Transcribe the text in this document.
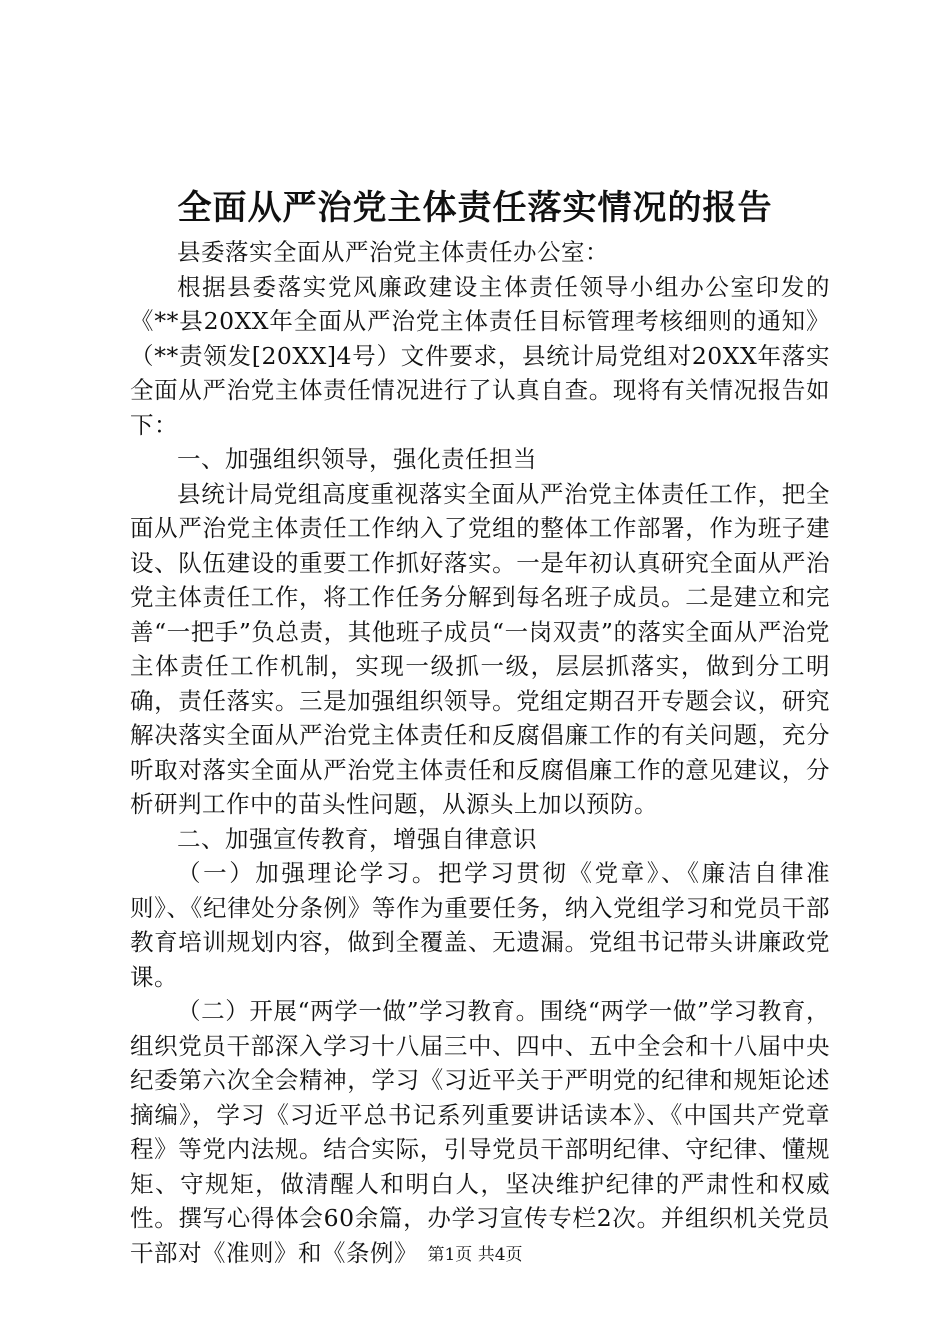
全面从严治党主体责任落实情况的报告

县委落实全面从严治党主体责任办公室：

根据县委落实党风廉政建设主体责任领导小组办公室印发的《**县20XX年全面从严治党主体责任目标管理考核细则的通知》（**责领发[20XX]4号）文件要求，县统计局党组对20XX年落实全面从严治党主体责任情况进行了认真自查。现将有关情况报告如下：

一、加强组织领导，强化责任担当

县统计局党组高度重视落实全面从严治党主体责任工作，把全面从严治党主体责任工作纳入了党组的整体工作部署，作为班子建设、队伍建设的重要工作抓好落实。一是年初认真研究全面从严治党主体责任工作，将工作任务分解到每名班子成员。二是建立和完善“一把手”负总责，其他班子成员“一岗双责”的落实全面从严治党主体责任工作机制，实现一级抓一级，层层抓落实，做到分工明确，责任落实。三是加强组织领导。党组定期召开专题会议，研究解决落实全面从严治党主体责任和反腐倡廉工作的有关问题，充分听取对落实全面从严治党主体责任和反腐倡廉工作的意见建议，分析研判工作中的苗头性问题，从源头上加以预防。

二、加强宣传教育，增强自律意识

（一）加强理论学习。把学习贯彻《党章》、《廉洁自律准则》、《纪律处分条例》等作为重要任务，纳入党组学习和党员干部教育培训规划内容，做到全覆盖、无遗漏。党组书记带头讲廉政党课。

（二）开展“两学一做”学习教育。围绕“两学一做”学习教育，组织党员干部深入学习十八届三中、四中、五中全会和十八届中央纪委第六次全会精神，学习《习近平关于严明党的纪律和规矩论述摘编》，学习《习近平总书记系列重要讲话读本》、《中国共产党章程》等党内法规。结合实际，引导党员干部明纪律、守纪律、懂规矩、守规矩，做清醒人和明白人，坚决维护纪律的严肃性和权威性。撰写心得体会60余篇，办学习宣传专栏2次。并组织机关党员干部对《准则》和《条例》 第1页 共4页
